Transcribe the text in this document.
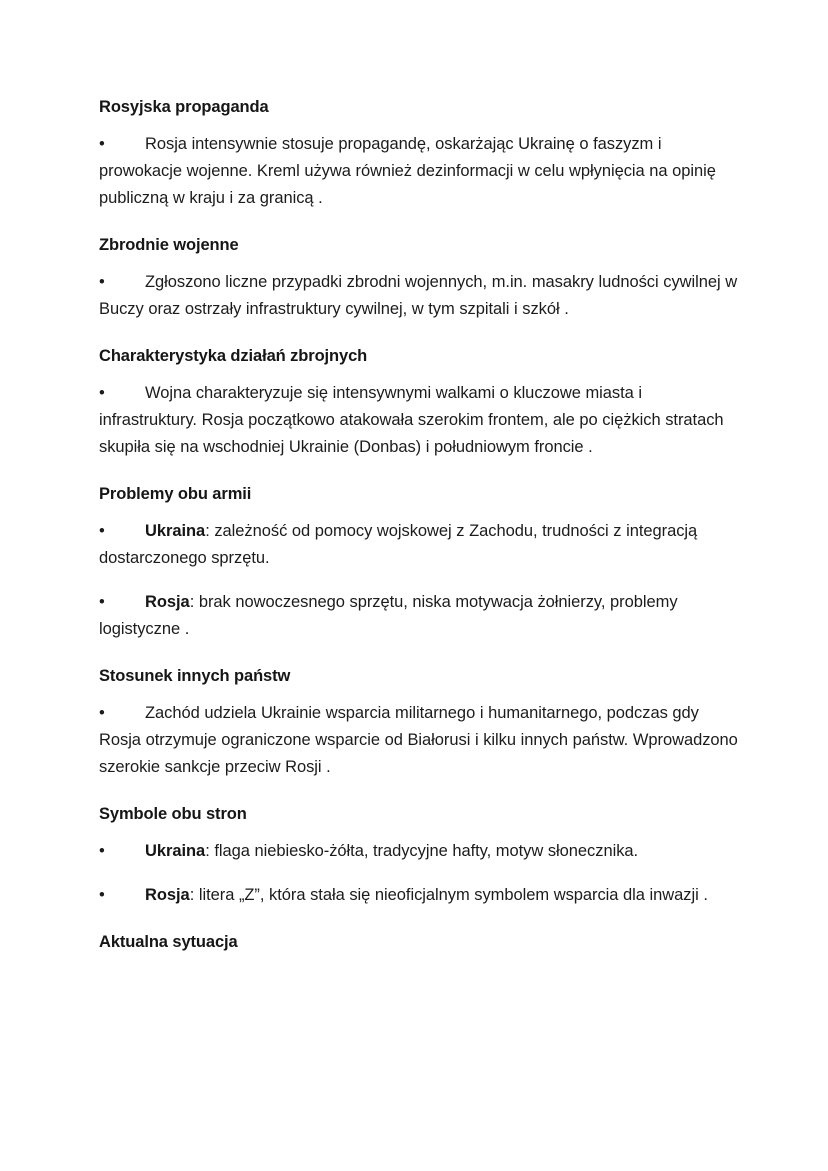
Rosyjska propaganda

• Rosja intensywnie stosuje propagandę, oskarżając Ukrainę o faszyzm i prowokacje wojenne. Kreml używa również dezinformacji w celu wpłynięcia na opinię publiczną w kraju i za granicą .

Zbrodnie wojenne

• Zgłoszono liczne przypadki zbrodni wojennych, m.in. masakry ludności cywilnej w Buczy oraz ostrzały infrastruktury cywilnej, w tym szpitali i szkół .

Charakterystyka działań zbrojnych

• Wojna charakteryzuje się intensywnymi walkami o kluczowe miasta i infrastruktury. Rosja początkowo atakowała szerokim frontem, ale po ciężkich stratach skupiła się na wschodniej Ukrainie (Donbas) i południowym froncie .

Problemy obu armii

• Ukraina: zależność od pomocy wojskowej z Zachodu, trudności z integracją dostarczonego sprzętu.

• Rosja: brak nowoczesnego sprzętu, niska motywacja żołnierzy, problemy logistyczne .

Stosunek innych państw

• Zachód udziela Ukrainie wsparcia militarnego i humanitarnego, podczas gdy Rosja otrzymuje ograniczone wsparcie od Białorusi i kilku innych państw. Wprowadzono szerokie sankcje przeciw Rosji .

Symbole obu stron

• Ukraina: flaga niebiesko-żółta, tradycyjne hafty, motyw słonecznika.

• Rosja: litera „Z”, która stała się nieoficjalnym symbolem wsparcia dla inwazji .

Aktualna sytuacja
